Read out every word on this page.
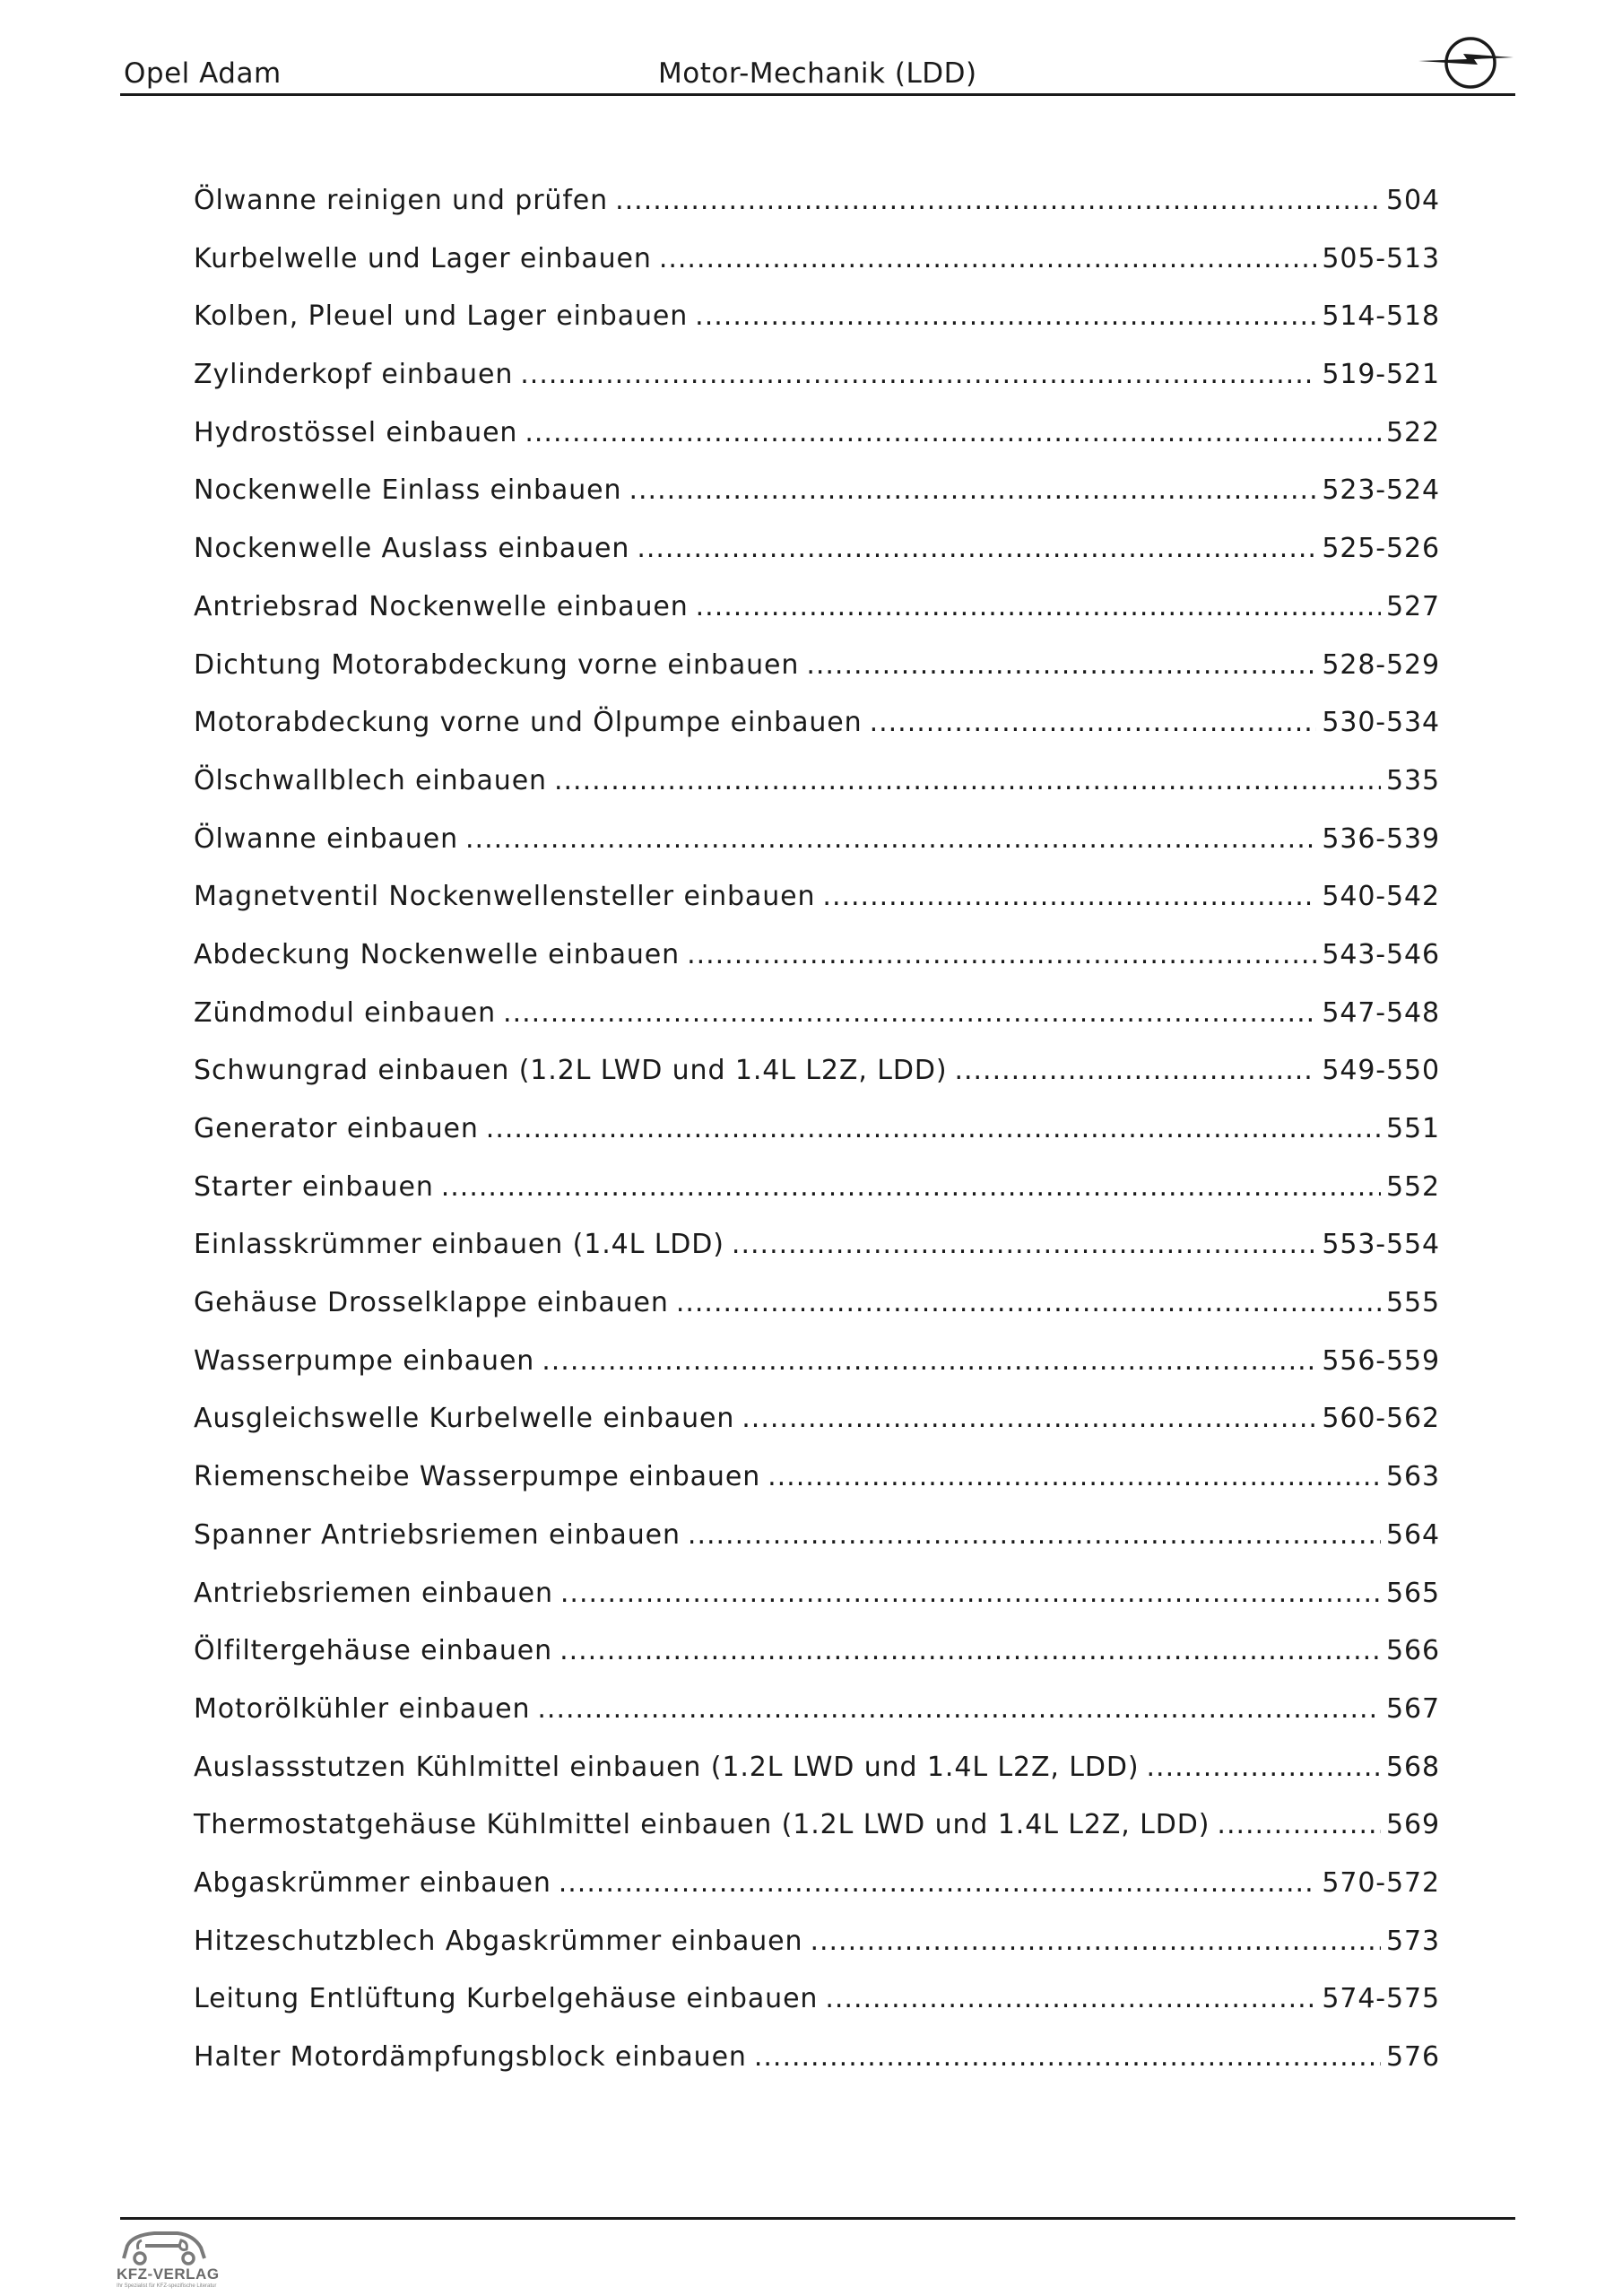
Opel Adam	Motor-Mechanik (LDD)
Ölwanne reinigen und prüfen .....	504
Kurbelwelle und Lager einbauen .....	505-513
Kolben, Pleuel und Lager einbauen .....	514-518
Zylinderkopf einbauen .....	519-521
Hydrostössel einbauen .....	522
Nockenwelle Einlass einbauen .....	523-524
Nockenwelle Auslass einbauen .....	525-526
Antriebsrad Nockenwelle einbauen .....	527
Dichtung Motorabdeckung vorne einbauen .....	528-529
Motorabdeckung vorne und Ölpumpe einbauen .....	530-534
Ölschwallblech einbauen .....	535
Ölwanne einbauen .....	536-539
Magnetventil Nockenwellensteller einbauen .....	540-542
Abdeckung Nockenwelle einbauen .....	543-546
Zündmodul einbauen .....	547-548
Schwungrad einbauen (1.2L LWD und 1.4L L2Z, LDD) .....	549-550
Generator einbauen .....	551
Starter einbauen .....	552
Einlasskrümmer einbauen (1.4L LDD) .....	553-554
Gehäuse Drosselklappe einbauen .....	555
Wasserpumpe einbauen .....	556-559
Ausgleichswelle Kurbelwelle einbauen .....	560-562
Riemenscheibe Wasserpumpe einbauen .....	563
Spanner Antriebsriemen einbauen .....	564
Antriebsriemen einbauen .....	565
Ölfiltergehäuse einbauen .....	566
Motorölkühler einbauen .....	567
Auslassstutzen Kühlmittel einbauen (1.2L LWD und 1.4L L2Z, LDD) .....	568
Thermostatgehäuse Kühlmittel einbauen (1.2L LWD und 1.4L L2Z, LDD) .....	569
Abgaskrümmer einbauen .....	570-572
Hitzeschutzblech Abgaskrümmer einbauen .....	573
Leitung Entlüftung Kurbelgehäuse einbauen .....	574-575
Halter Motordämpfungsblock einbauen .....	576
KFZ-VERLAG
Ihr Spezialist für KFZ-spezifische Literatur
